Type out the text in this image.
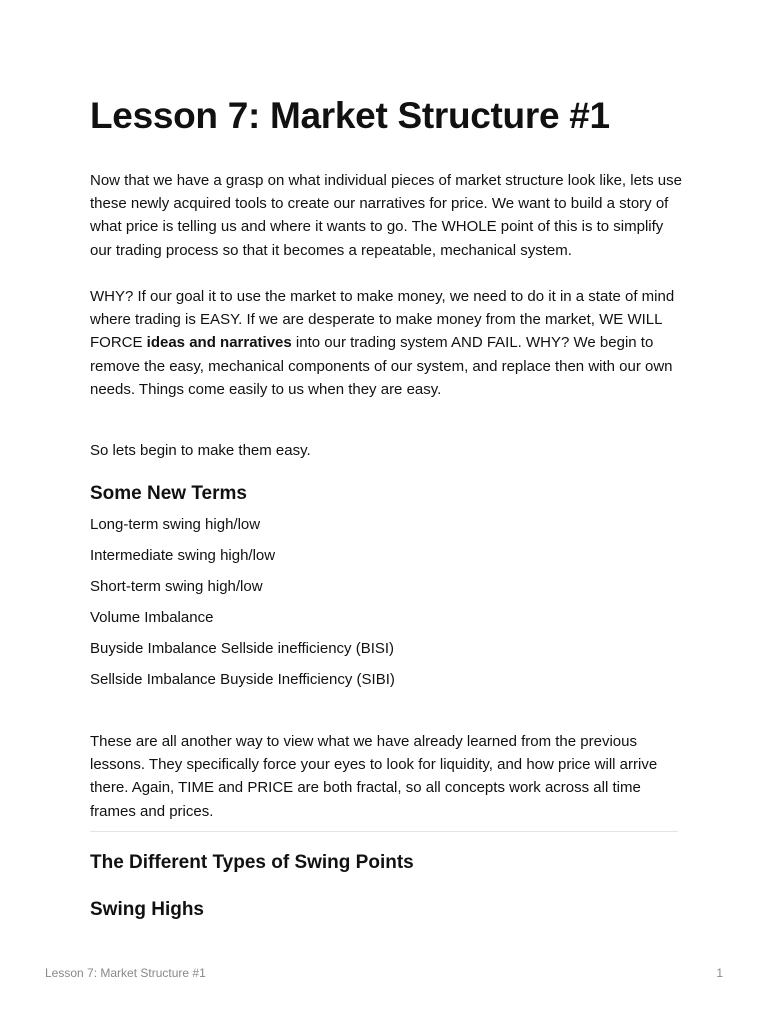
Lesson 7: Market Structure #1

Now that we have a grasp on what individual pieces of market structure look like, lets use these newly acquired tools to create our narratives for price. We want to build a story of what price is telling us and where it wants to go. The WHOLE point of this is to simplify our trading process so that it becomes a repeatable, mechanical system.

WHY? If our goal it to use the market to make money, we need to do it in a state of mind where trading is EASY. If we are desperate to make money from the market, WE WILL FORCE ideas and narratives into our trading system AND FAIL. WHY? We begin to remove the easy, mechanical components of our system, and replace then with our own needs. Things come easily to us when they are easy.

So lets begin to make them easy.

Some New Terms
Long-term swing high/low
Intermediate swing high/low
Short-term swing high/low
Volume Imbalance
Buyside Imbalance Sellside inefficiency (BISI)
Sellside Imbalance Buyside Inefficiency (SIBI)

These are all another way to view what we have already learned from the previous lessons. They specifically force your eyes to look for liquidity, and how price will arrive there. Again, TIME and PRICE are both fractal, so all concepts work across all time frames and prices.

The Different Types of Swing Points
Swing Highs
Lesson 7: Market Structure #1	1
